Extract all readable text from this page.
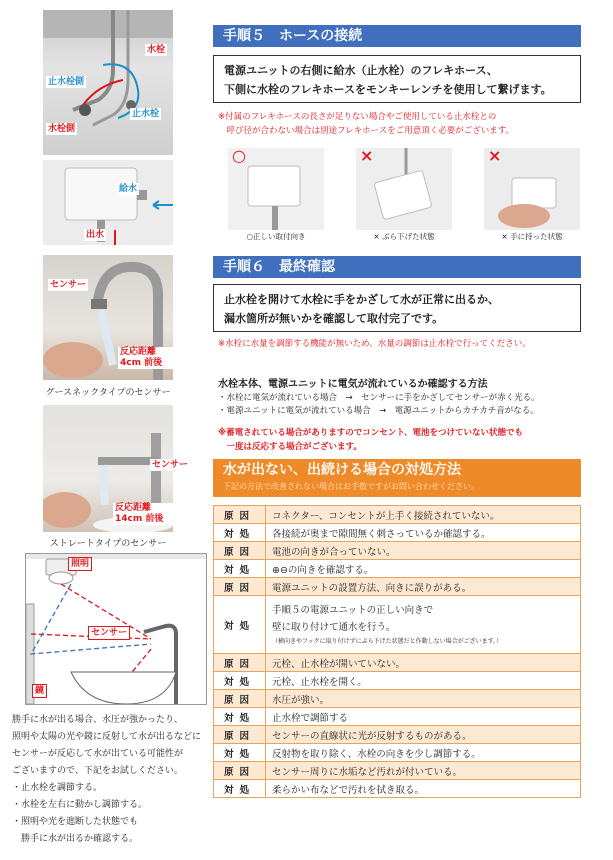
水栓
止水栓側
止水栓
水栓側
給水
出水
センサー
反応距離
4cm 前後
グースネックタイプのセンサー
センサー
反応距離
14cm 前後
ストレートタイプのセンサー
照明
センサー
鏡
勝手に水が出る場合、水圧が強かったり、
照明や太陽の光や鏡に反射して水が出るなどに
センサーが反応して水が出ている可能性が
ございますので、下記をお試しください。
・止水栓を調節する。
・水栓を左右に動かし調節する。
・照明や光を遮断した状態でも
　勝手に水が出るか確認する。
手順５　ホースの接続
電源ユニットの右側に給水（止水栓）のフレキホース、
下側に水栓のフレキホースをモンキーレンチを使用して繋げます。
※付属のフレキホースの長さが足りない場合やご使用している止水栓との
　呼び径が合わない場合は別途フレキホースをご用意頂く必要がございます。
○
○正しい取付向き
×
× ぶら下げた状態
×
× 手に持った状態
手順６　最終確認
止水栓を開けて水栓に手をかざして水が正常に出るか、
漏水箇所が無いかを確認して取付完了です。
※水栓に水量を調節する機能が無いため、水量の調節は止水栓で行ってください。
水栓本体、電源ユニットに電気が流れているか確認する方法
・水栓に電気が流れている場合　→　センサーに手をかざしてセンサーが赤く光る。
・電源ユニットに電気が流れている場合　→　電源ユニットからカチカチ音がなる。
※蓄電されている場合がありますのでコンセント、電池をつけていない状態でも
　一度は反応する場合がございます。
水が出ない、出続ける場合の対処方法
下記の方法で改善されない場合はお手数ですがお問い合わせください。
原因	コネクター、コンセントが上手く接続されていない。
対処	各接続が奥まで隙間無く刺さっているか確認する。
原因	電池の向きが合っていない。
対処	⊕⊖の向きを確認する。
原因	電源ユニットの設置方法、向きに誤りがある。
対処	手順５の電源ユニットの正しい向きで
壁に取り付けて通水を行う。
（横向きやフックに取り付けずにぶら下げた状態だと作動しない場合がございます。）

原因	元栓、止水栓が開いていない。
対処	元栓、止水栓を開く。
原因	水圧が強い。
対処	止水栓で調節する
原因	センサーの直線状に光が反射するものがある。
対処	反射物を取り除く、水栓の向きを少し調節する。
原因	センサー周りに水垢など汚れが付いている。
対処	柔らかい布などで汚れを拭き取る。
